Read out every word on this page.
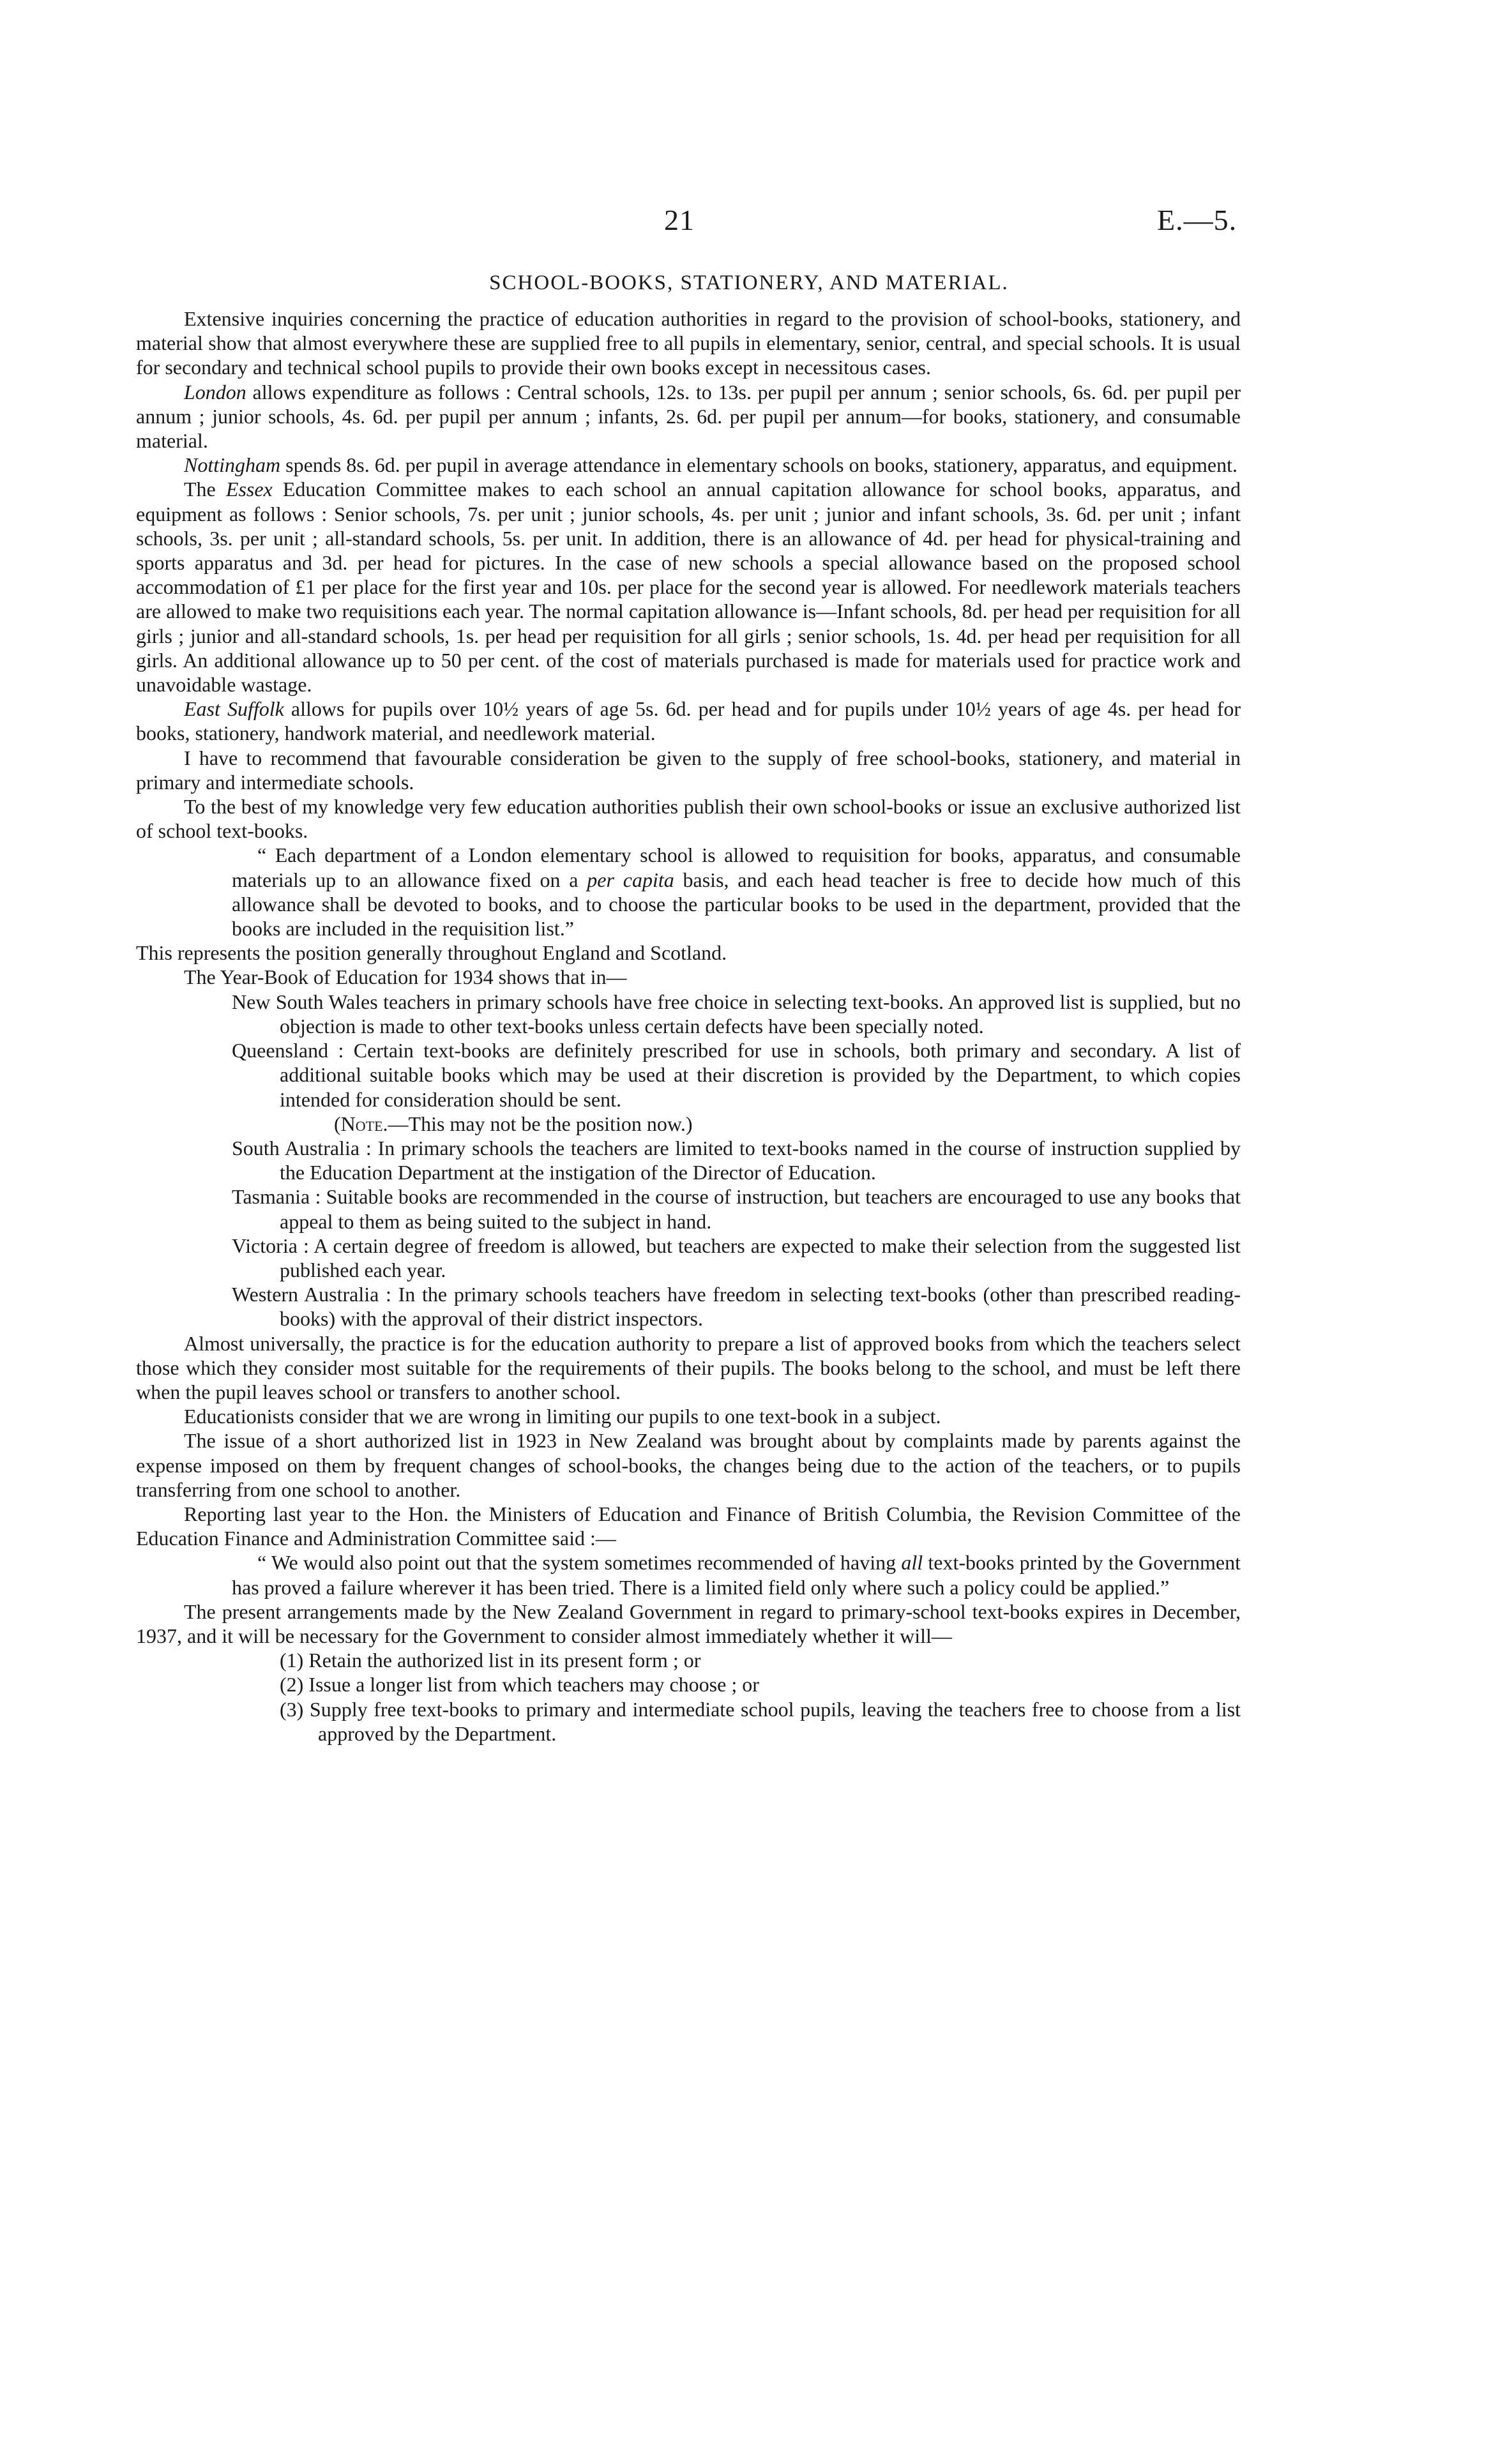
21	E.—5.
SCHOOL-BOOKS, STATIONERY, AND MATERIAL.

Extensive inquiries concerning the practice of education authorities in regard to the provision of school-books, stationery, and material show that almost everywhere these are supplied free to all pupils in elementary, senior, central, and special schools. It is usual for secondary and technical school pupils to provide their own books except in necessitous cases.

London allows expenditure as follows : Central schools, 12s. to 13s. per pupil per annum ; senior schools, 6s. 6d. per pupil per annum ; junior schools, 4s. 6d. per pupil per annum ; infants, 2s. 6d. per pupil per annum—for books, stationery, and consumable material.

Nottingham spends 8s. 6d. per pupil in average attendance in elementary schools on books, stationery, apparatus, and equipment.

The Essex Education Committee makes to each school an annual capitation allowance for school books, apparatus, and equipment as follows : Senior schools, 7s. per unit ; junior schools, 4s. per unit ; junior and infant schools, 3s. 6d. per unit ; infant schools, 3s. per unit ; all-standard schools, 5s. per unit. In addition, there is an allowance of 4d. per head for physical-training and sports apparatus and 3d. per head for pictures. In the case of new schools a special allowance based on the proposed school accommodation of £1 per place for the first year and 10s. per place for the second year is allowed. For needlework materials teachers are allowed to make two requisitions each year. The normal capitation allowance is—Infant schools, 8d. per head per requisition for all girls ; junior and all-standard schools, 1s. per head per requisition for all girls ; senior schools, 1s. 4d. per head per requisition for all girls. An additional allowance up to 50 per cent. of the cost of materials purchased is made for materials used for practice work and unavoidable wastage.

East Suffolk allows for pupils over 10½ years of age 5s. 6d. per head and for pupils under 10½ years of age 4s. per head for books, stationery, handwork material, and needlework material.

I have to recommend that favourable consideration be given to the supply of free school-books, stationery, and material in primary and intermediate schools.

To the best of my knowledge very few education authorities publish their own school-books or issue an exclusive authorized list of school text-books.

“ Each department of a London elementary school is allowed to requisition for books, apparatus, and consumable materials up to an allowance fixed on a per capita basis, and each head teacher is free to decide how much of this allowance shall be devoted to books, and to choose the particular books to be used in the department, provided that the books are included in the requisition list.”

This represents the position generally throughout England and Scotland.

The Year-Book of Education for 1934 shows that in—

New South Wales teachers in primary schools have free choice in selecting text-books. An approved list is supplied, but no objection is made to other text-books unless certain defects have been specially noted.

Queensland : Certain text-books are definitely prescribed for use in schools, both primary and secondary. A list of additional suitable books which may be used at their discretion is provided by the Department, to which copies intended for consideration should be sent.

(Note.—This may not be the position now.)

South Australia : In primary schools the teachers are limited to text-books named in the course of instruction supplied by the Education Department at the instigation of the Director of Education.

Tasmania : Suitable books are recommended in the course of instruction, but teachers are encouraged to use any books that appeal to them as being suited to the subject in hand.

Victoria : A certain degree of freedom is allowed, but teachers are expected to make their selection from the suggested list published each year.

Western Australia : In the primary schools teachers have freedom in selecting text-books (other than prescribed reading-books) with the approval of their district inspectors.

Almost universally, the practice is for the education authority to prepare a list of approved books from which the teachers select those which they consider most suitable for the requirements of their pupils. The books belong to the school, and must be left there when the pupil leaves school or transfers to another school.

Educationists consider that we are wrong in limiting our pupils to one text-book in a subject.

The issue of a short authorized list in 1923 in New Zealand was brought about by complaints made by parents against the expense imposed on them by frequent changes of school-books, the changes being due to the action of the teachers, or to pupils transferring from one school to another.

Reporting last year to the Hon. the Ministers of Education and Finance of British Columbia, the Revision Committee of the Education Finance and Administration Committee said :—

“ We would also point out that the system sometimes recommended of having all text-books printed by the Government has proved a failure wherever it has been tried. There is a limited field only where such a policy could be applied.”

The present arrangements made by the New Zealand Government in regard to primary-school text-books expires in December, 1937, and it will be necessary for the Government to consider almost immediately whether it will—

(1) Retain the authorized list in its present form ; or

(2) Issue a longer list from which teachers may choose ; or

(3) Supply free text-books to primary and intermediate school pupils, leaving the teachers free to choose from a list approved by the Department.
